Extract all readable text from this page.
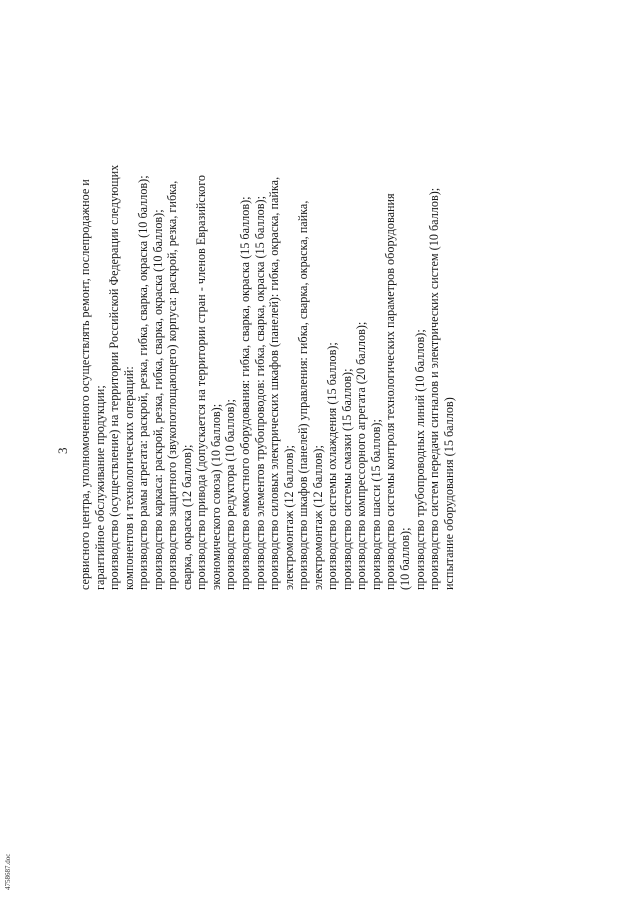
3 сервисного центра, уполномоченного осуществлять ремонт, послепродажное и гарантийное обслуживание продукции; производство (осуществление) на территории Российской Федерации следующих компонентов и технологических операций: производство рамы агрегата: раскрой, резка, гибка, сварка, окраска (10 баллов); производство каркаса: раскрой, резка, гибка, сварка, окраска (10 баллов); производство защитного (звукопоглощающего) корпуса: раскрой, резка, гибка, сварка, окраска (12 баллов); производство привода (допускается на территории стран - членов Евразийского экономического союза) (10 баллов); производство редуктора (10 баллов); производство емкостного оборудования: гибка, сварка, окраска (15 баллов); производство элементов трубопроводов: гибка, сварка, окраска (15 баллов); производство силовых электрических шкафов (панелей): гибка, окраска, пайка, электромонтаж (12 баллов); производство шкафов (панелей) управления: гибка, сварка, окраска, пайка, электромонтаж (12 баллов); производство системы охлаждения (15 баллов); производство системы смазки (15 баллов); производство компрессорного агрегата (20 баллов); производство шасси (15 баллов); производство системы контроля технологических параметров оборудования (10 баллов); производство трубопроводных линий (10 баллов); производство систем передачи сигналов и электрических систем (10 баллов); испытание оборудования (15 баллов)
4758687.doc
